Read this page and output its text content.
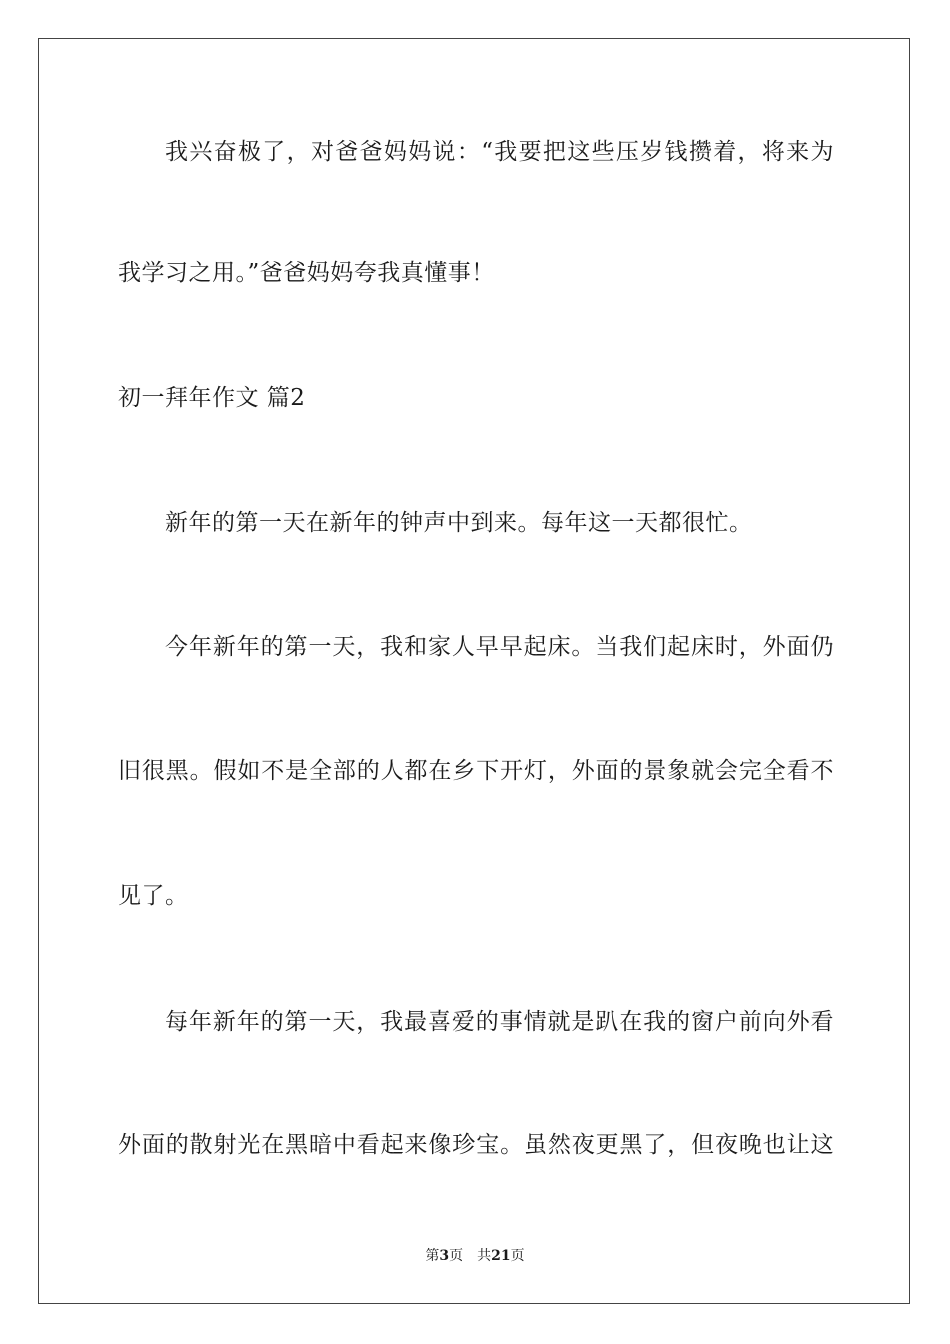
我兴奋极了，对爸爸妈妈说：“我要把这些压岁钱攒着，将来为
我学习之用。”爸爸妈妈夸我真懂事！
初一拜年作文 篇2
新年的第一天在新年的钟声中到来。每年这一天都很忙。
今年新年的第一天，我和家人早早起床。当我们起床时，外面仍
旧很黑。假如不是全部的人都在乡下开灯，外面的景象就会完全看不
见了。
每年新年的第一天，我最喜爱的事情就是趴在我的窗户前向外看
外面的散射光在黑暗中看起来像珍宝。虽然夜更黑了，但夜晚也让这
第3页　共21页
